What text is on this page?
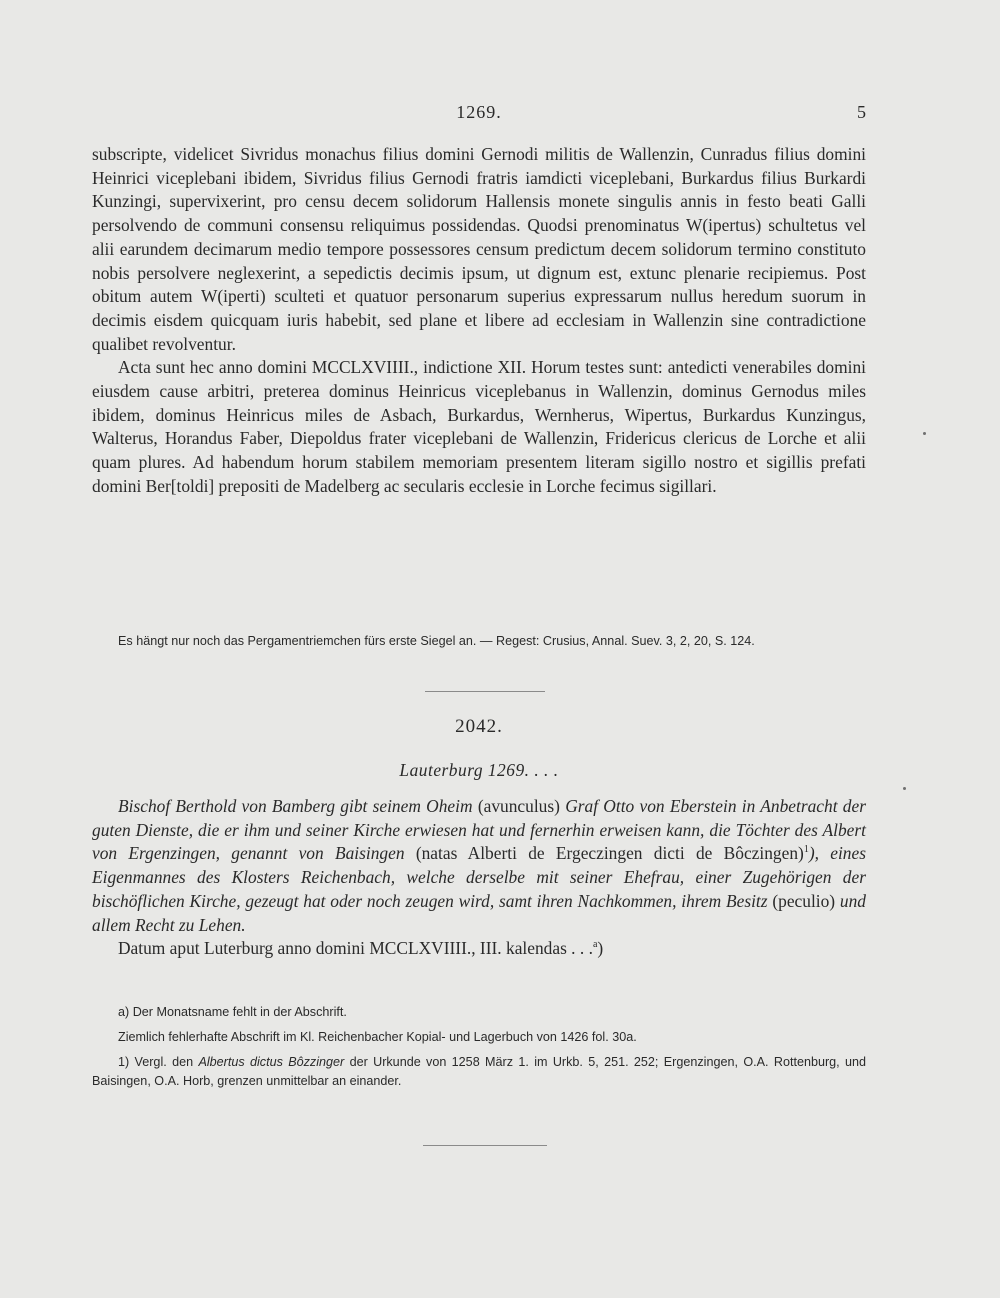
1269.	5

subscripte, videlicet Sivridus monachus filius domini Gernodi militis de Wallenzin, Cunradus filius domini Heinrici viceplebani ibidem, Sivridus filius Gernodi fratris iamdicti viceplebani, Burkardus filius Burkardi Kunzingi, supervixerint, pro censu decem solidorum Hallensis monete singulis annis in festo beati Galli persolvendo de communi consensu reliquimus possidendas. Quodsi prenominatus W(ipertus) schultetus vel alii earundem decimarum medio tempore possessores censum predictum decem solidorum termino constituto nobis persolvere neglexerint, a sepedictis decimis ipsum, ut dignum est, extunc plenarie recipiemus. Post obitum autem W(iperti) sculteti et quatuor personarum superius expressarum nullus heredum suorum in decimis eisdem quicquam iuris habebit, sed plane et libere ad ecclesiam in Wallenzin sine contradictione qualibet revolventur.

Acta sunt hec anno domini MCCLXVIIII., indictione XII. Horum testes sunt: antedicti venerabiles domini eiusdem cause arbitri, preterea dominus Heinricus viceplebanus in Wallenzin, dominus Gernodus miles ibidem, dominus Heinricus miles de Asbach, Burkardus, Wernherus, Wipertus, Burkardus Kunzingus, Walterus, Horandus Faber, Diepoldus frater viceplebani de Wallenzin, Fridericus clericus de Lorche et alii quam plures. Ad habendum horum stabilem memoriam presentem literam sigillo nostro et sigillis prefati domini Ber[toldi] prepositi de Madelberg ac secularis ecclesie in Lorche fecimus sigillari.

Es hängt nur noch das Pergamentriemchen fürs erste Siegel an. — Regest: Crusius, Annal. Suev. 3, 2, 20, S. 124.

2042.
Lauterburg 1269. . . .

Bischof Berthold von Bamberg gibt seinem Oheim (avunculus) Graf Otto von Eberstein in Anbetracht der guten Dienste, die er ihm und seiner Kirche erwiesen hat und fernerhin erweisen kann, die Töchter des Albert von Ergenzingen, genannt von Baisingen (natas Alberti de Ergeczingen dicti de Bôczingen)$^1$), eines Eigenmannes des Klosters Reichenbach, welche derselbe mit seiner Ehefrau, einer Zugehörigen der bischöflichen Kirche, gezeugt hat oder noch zeugen wird, samt ihren Nachkommen, ihrem Besitz (peculio) und allem Recht zu Lehen.

Datum aput Luterburg anno domini MCCLXVIIII., III. kalendas . . .$^a$)

a) Der Monatsname fehlt in der Abschrift.

Ziemlich fehlerhafte Abschrift im Kl. Reichenbacher Kopial- und Lagerbuch von 1426 fol. 30a.

1) Vergl. den Albertus dictus Bôzzinger der Urkunde von 1258 März 1. im Urkb. 5, 251. 252; Ergenzingen, O.A. Rottenburg, und Baisingen, O.A. Horb, grenzen unmittelbar an einander.
